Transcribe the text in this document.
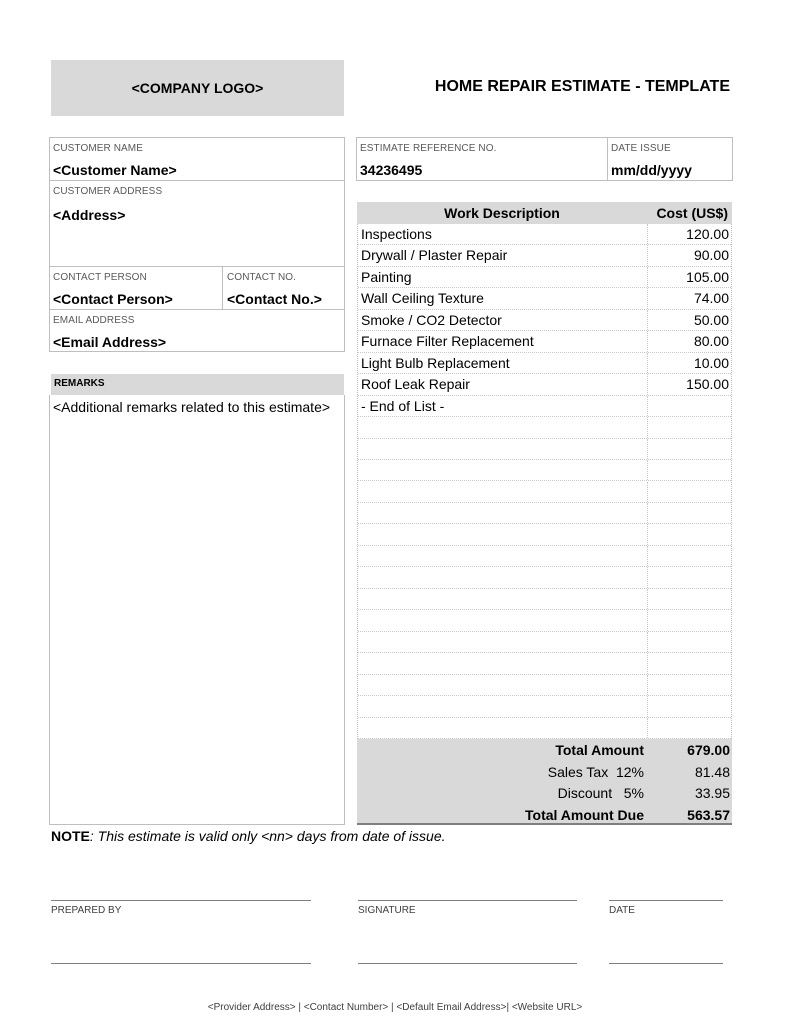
<COMPANY LOGO>	HOME REPAIR ESTIMATE - TEMPLATE
CUSTOMER NAME
<Customer Name>
CUSTOMER ADDRESS
<Address>
CONTACT PERSON
<Contact Person>
CONTACT NO.
<Contact No.>
EMAIL ADDRESS
<Email Address>
REMARKS
<Additional remarks related to this estimate>
ESTIMATE REFERENCE NO.
34236495
DATE ISSUE
mm/dd/yyyy
Work Description	Cost (US$)
Inspections	120.00
Drywall / Plaster Repair	90.00
Painting	105.00
Wall Ceiling Texture	74.00
Smoke / CO2 Detector	50.00
Furnace Filter Replacement	80.00
Light Bulb Replacement	10.00
Roof Leak Repair	150.00
- End of List -
Total Amount	679.00
Sales Tax  12%	81.48
Discount   5%	33.95
Total Amount Due	563.57
NOTE: This estimate is valid only <nn> days from date of issue.
PREPARED BY	SIGNATURE	DATE
<Provider Address> | <Contact Number> | <Default Email Address>| <Website URL>
